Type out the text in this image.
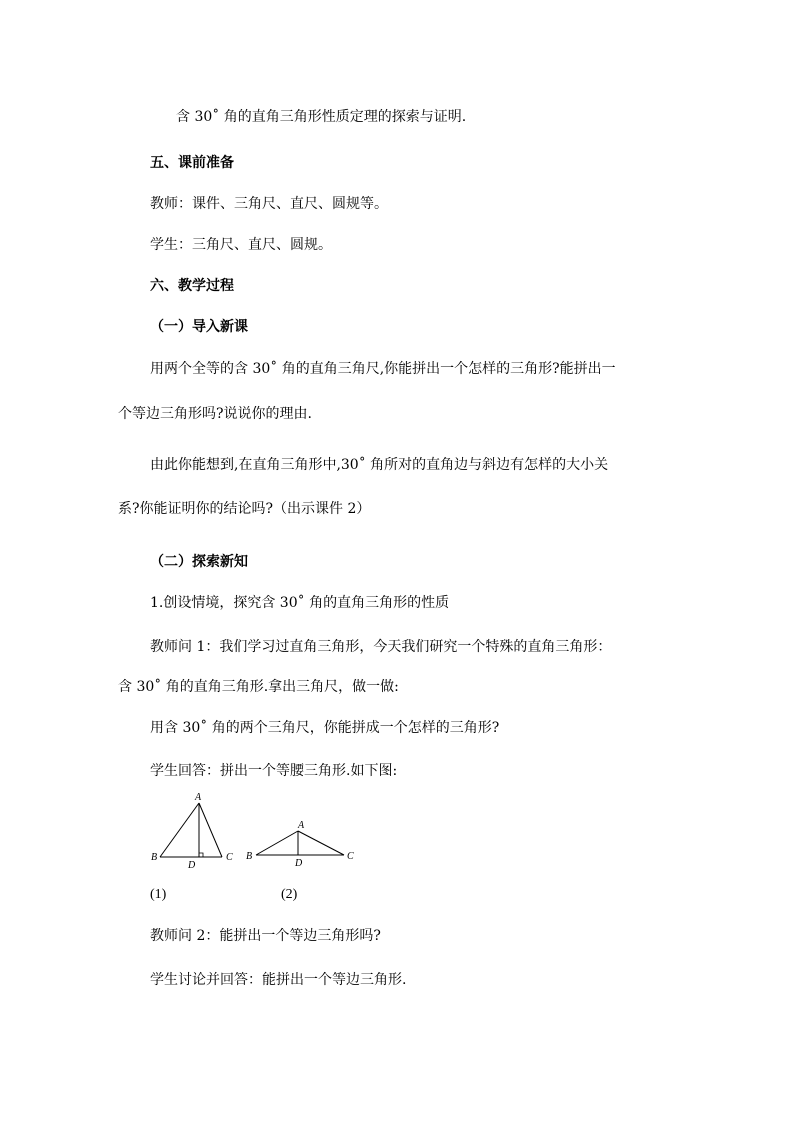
含 30˚ 角的直角三角形性质定理的探索与证明.
五、课前准备
教师：课件、三角尺、直尺、圆规等。
学生：三角尺、直尺、圆规。
六、教学过程
（一）导入新课
用两个全等的含 30˚ 角的直角三角尺,你能拼出一个怎样的三角形?能拼出一
个等边三角形吗?说说你的理由.
由此你能想到,在直角三角形中,30˚ 角所对的直角边与斜边有怎样的大小关
系?你能证明你的结论吗?（出示课件 2）
（二）探索新知
1.创设情境，探究含 30˚ 角的直角三角形的性质
教师问 1：我们学习过直角三角形，今天我们研究一个特殊的直角三角形：
含 30˚ 角的直角三角形.拿出三角尺，做一做:
用含 30˚ 角的两个三角尺，你能拼成一个怎样的三角形?
学生回答：拼出一个等腰三角形.如下图:
A
B	C
D
A
B	C
D
(1)	(2)
教师问 2：能拼出一个等边三角形吗?
学生讨论并回答：能拼出一个等边三角形.
